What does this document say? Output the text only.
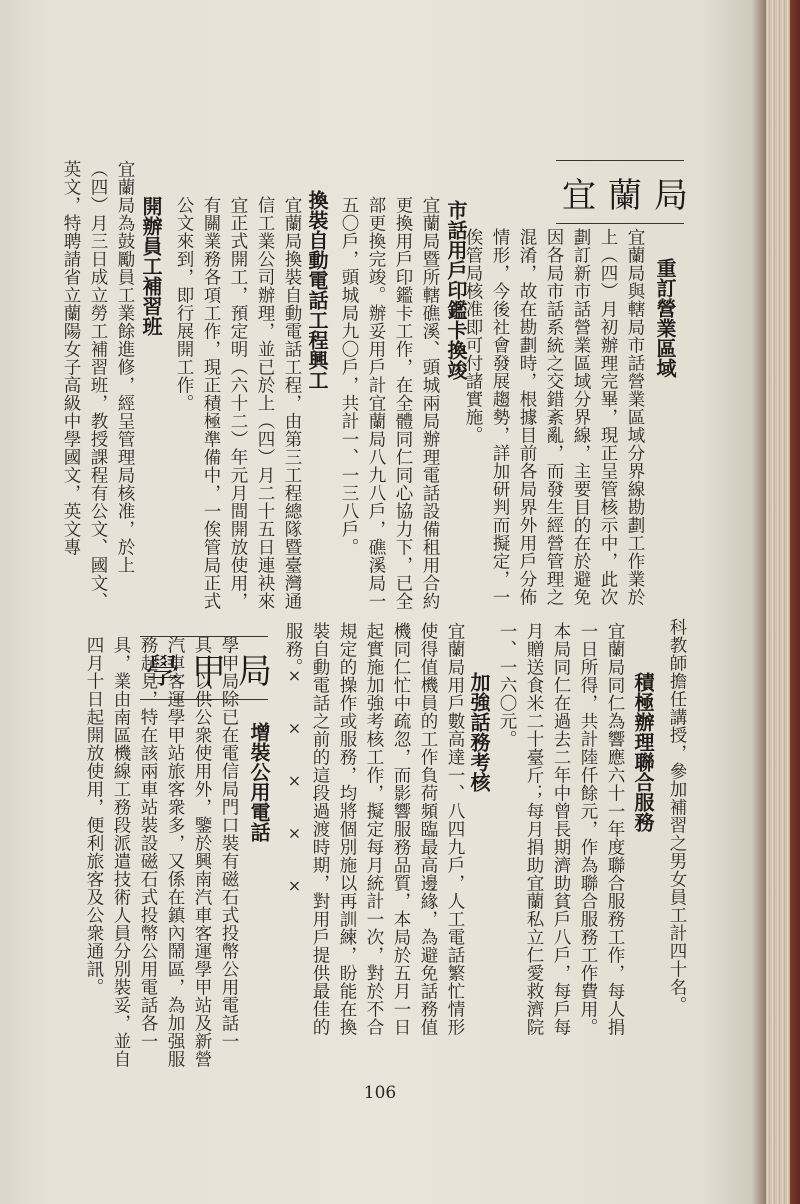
宜蘭局
重訂營業區域
宜蘭局與轄局市話營業區域分界線勘劃工作業於上（四）月初辦理完畢，現正呈管核示中，此次劃訂新市話營業區域分界線，主要目的在於避免因各局市話系統之交錯紊亂，而發生經營管理之混淆，故在勘劃時，根據目前各局界外用戶分佈情形，今後社會發展趨勢，詳加研判而擬定，一俟管局核准即可付諸實施。
市話用戶印鑑卡換竣
宜蘭局暨所轄礁溪、頭城兩局辦理電話設備租用合約更換用戶印鑑卡工作，在全體同仁同心協力下，已全部更換完竣。辦妥用戶計宜蘭局八九八戶，礁溪局一五〇戶，頭城局九〇戶，共計一、一三八戶。
換裝自動電話工程興工
宜蘭局換裝自動電話工程，由第三工程總隊暨臺灣通信工業公司辦理，並已於上（四）月二十五日連袂來宜正式開工，預定明（六十二）年元月間開放使用，有關業務各項工作，現正積極準備中，一俟管局正式公文來到，即行展開工作。
開辦員工補習班
宜蘭局為鼓勵員工業餘進修，經呈管理局核准，於上（四）月三日成立勞工補習班，教授課程有公文、國文、英文，特聘請省立蘭陽女子高級中學國文，英文專
科教師擔任講授，參加補習之男女員工計四十名。
積極辦理聯合服務
宜蘭局同仁為響應六十一年度聯合服務工作，每人捐一日所得，共計陸仟餘元，作為聯合服務工作費用。本局同仁在過去二年中曾長期濟助貧戶八戶，每戶每月贈送食米二十臺斤；每月捐助宜蘭私立仁愛救濟院一、一六〇元。
加強話務考核
宜蘭局用戶數高達一、八四九戶，人工電話繁忙情形使得值機員的工作負荷頻臨最高邊緣，為避免話務值機同仁忙中疏忽，而影響服務品質，本局於五月一日起實施加強考核工作，擬定每月統計一次，對於不合規定的操作或服務，均將個別施以再訓練，盼能在換裝自動電話之前的這段過渡時期，對用戶提供最佳的服務。
×　　×　　×　　×　　×
學甲局
增裝公用電話
學甲局除已在電信局門口裝有磁石式投幣公用電話一具，以供公衆使用外，鑒於興南汽車客運學甲站及新營汽車客運學甲站旅客衆多，又係在鎮內鬧區，為加强服務起見，特在該兩車站裝設磁石式投幣公用電話各一具，業由南區機線工務段派遣技術人員分別裝妥，並自四月十日起開放使用，便利旅客及公衆通訊。
106
